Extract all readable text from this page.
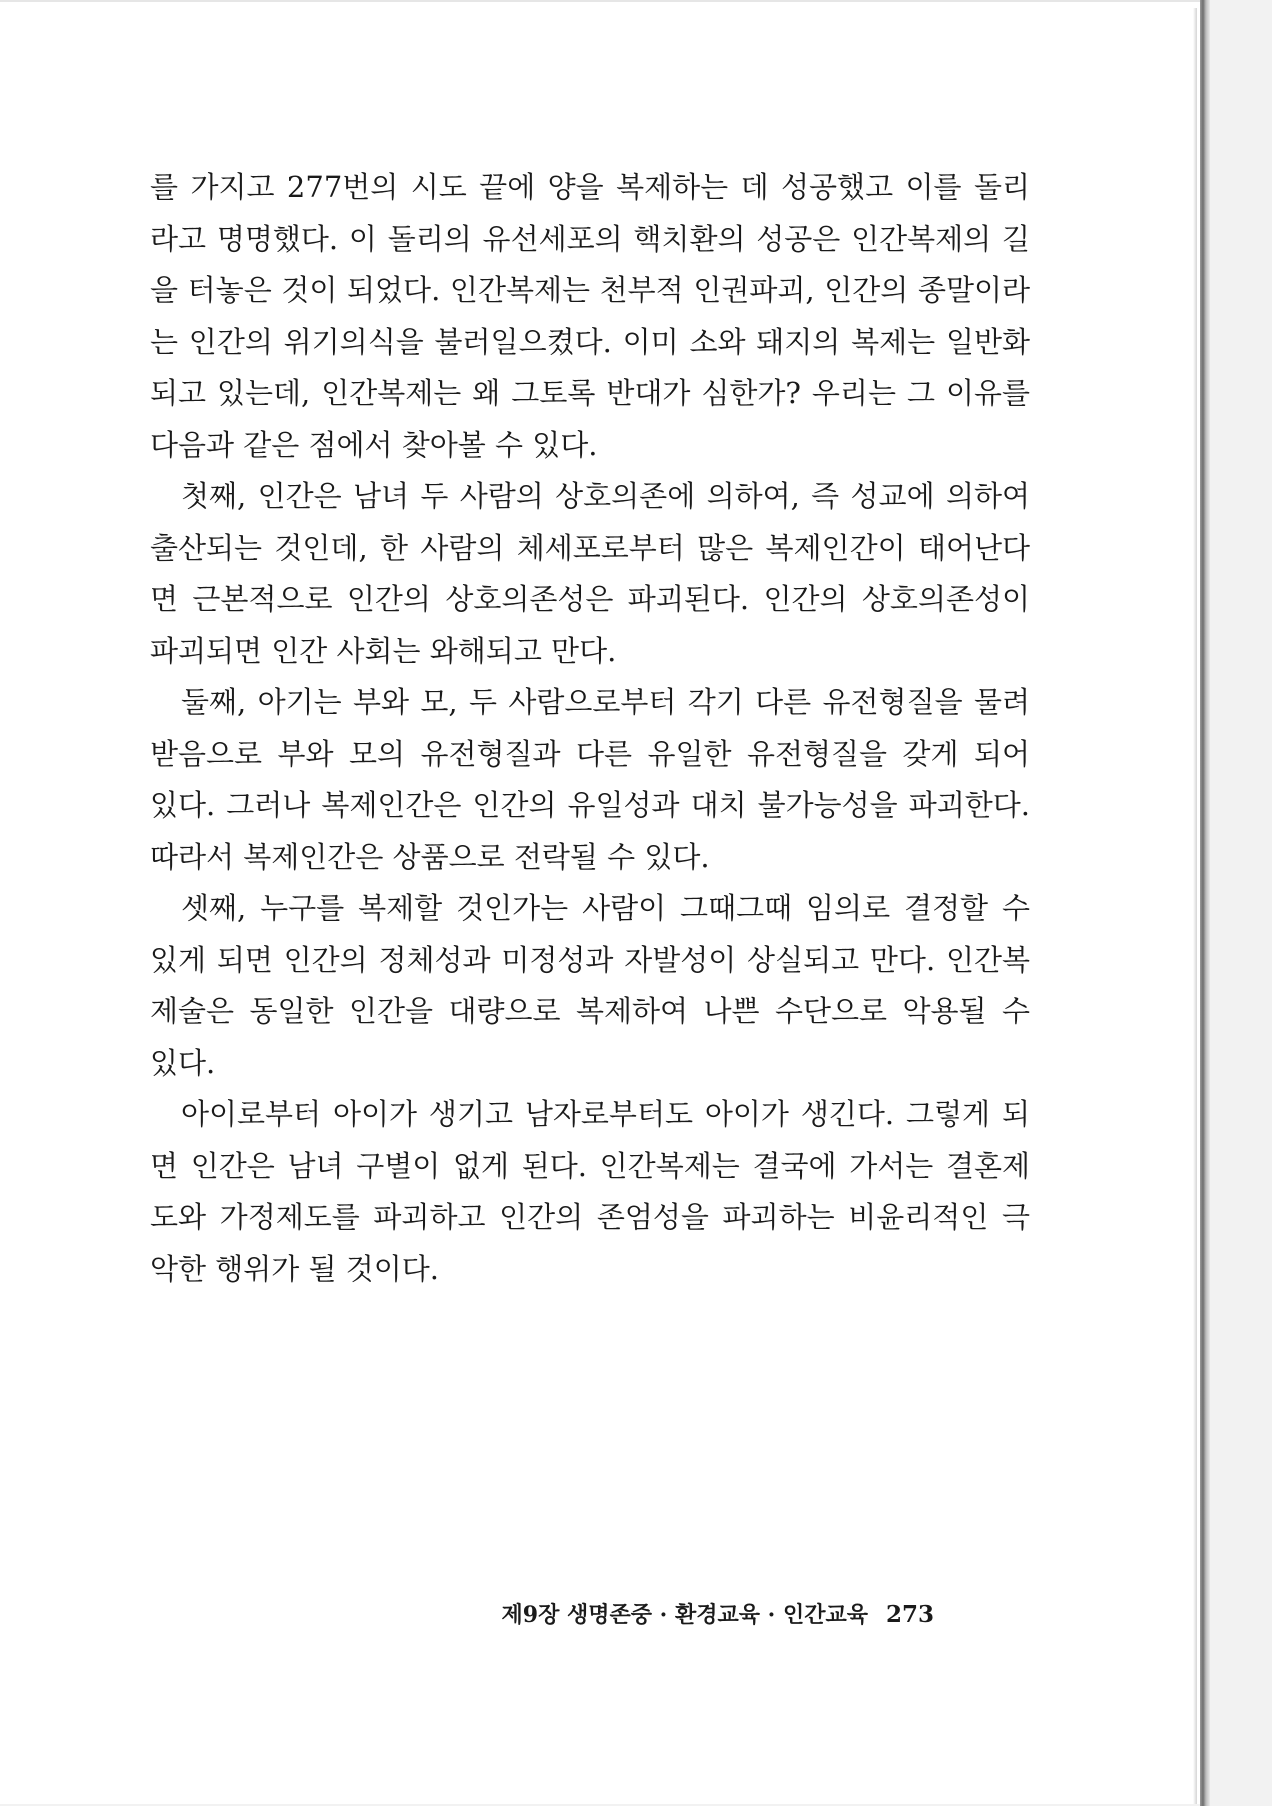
를 가지고 277번의 시도 끝에 양을 복제하는 데 성공했고 이를 돌리
라고 명명했다. 이 돌리의 유선세포의 핵치환의 성공은 인간복제의 길
을 터놓은 것이 되었다. 인간복제는 천부적 인권파괴, 인간의 종말이라
는 인간의 위기의식을 불러일으켰다. 이미 소와 돼지의 복제는 일반화
되고 있는데, 인간복제는 왜 그토록 반대가 심한가? 우리는 그 이유를
다음과 같은 점에서 찾아볼 수 있다.
첫째, 인간은 남녀 두 사람의 상호의존에 의하여, 즉 성교에 의하여
출산되는 것인데, 한 사람의 체세포로부터 많은 복제인간이 태어난다
면 근본적으로 인간의 상호의존성은 파괴된다. 인간의 상호의존성이
파괴되면 인간 사회는 와해되고 만다.
둘째, 아기는 부와 모, 두 사람으로부터 각기 다른 유전형질을 물려
받음으로 부와 모의 유전형질과 다른 유일한 유전형질을 갖게 되어
있다. 그러나 복제인간은 인간의 유일성과 대치 불가능성을 파괴한다.
따라서 복제인간은 상품으로 전락될 수 있다.
셋째, 누구를 복제할 것인가는 사람이 그때그때 임의로 결정할 수
있게 되면 인간의 정체성과 미정성과 자발성이 상실되고 만다. 인간복
제술은 동일한 인간을 대량으로 복제하여 나쁜 수단으로 악용될 수
있다.
아이로부터 아이가 생기고 남자로부터도 아이가 생긴다. 그렇게 되
면 인간은 남녀 구별이 없게 된다. 인간복제는 결국에 가서는 결혼제
도와 가정제도를 파괴하고 인간의 존엄성을 파괴하는 비윤리적인 극
악한 행위가 될 것이다.
제9장 생명존중 · 환경교육 · 인간교육 273
